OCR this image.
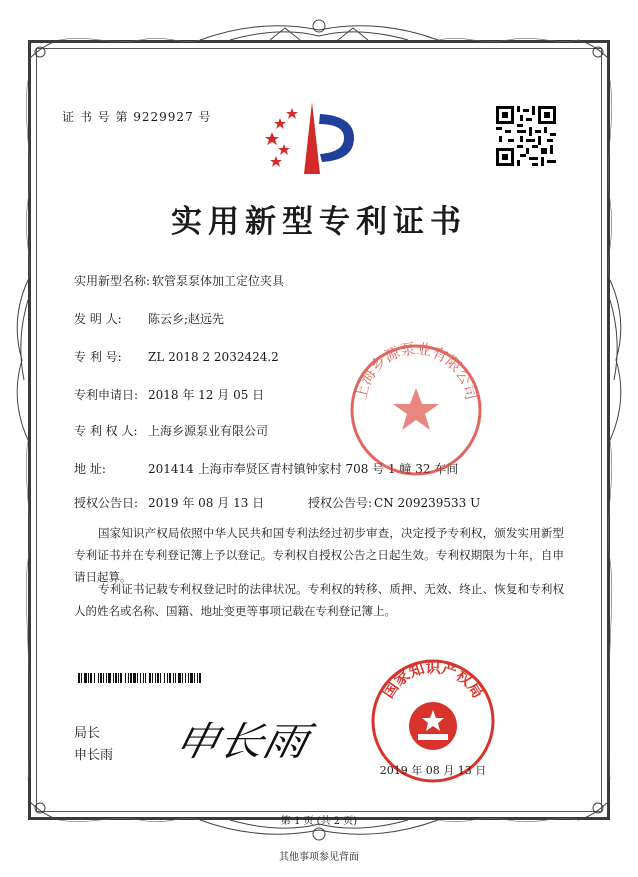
证 书 号 第 9229927 号
实用新型专利证书
实用新型名称: 软管泵泵体加工定位夹具
发 明 人: 陈云乡;赵远先
专 利 号: ZL 2018 2 2032424.2
专利申请日: 2018 年 12 月 05 日
专 利 权 人: 上海乡源泵业有限公司
地 址:	201414 上海市奉贤区青村镇钟家村 708 号 1 幢 32 车间
授权公告日: 2019 年 08 月 13 日	授权公告号: CN 209239533 U
国家知识产权局依照中华人民共和国专利法经过初步审查，决定授予专利权，颁发实用新型专利证书并在专利登记簿上予以登记。专利权自授权公告之日起生效。专利权期限为十年，自申请日起算。
专利证书记载专利权登记时的法律状况。专利权的转移、质押、无效、终止、恢复和专利权人的姓名或名称、国籍、地址变更等事项记载在专利登记簿上。
上海乡源泵业有限公司
局长
申长雨 申长雨
国家知识产权局
2019 年 08 月 13 日
第 1 页 (共 2 页)
其他事项参见背面
